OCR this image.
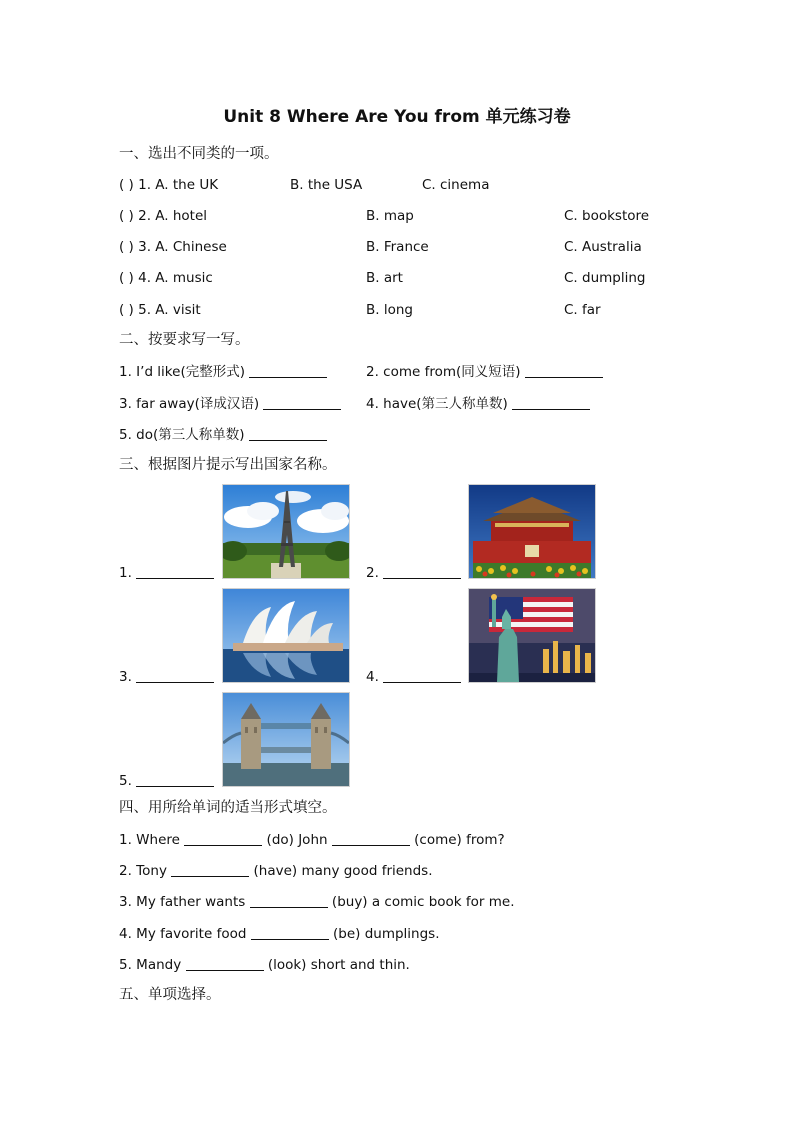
Unit 8 Where Are You from 单元练习卷
一、选出不同类的一项。
( ) 1. A. the UK	B. the USA	C. cinema
( ) 2. A. hotel	B. map	C. bookstore
( ) 3. A. Chinese	B. France	C. Australia
( ) 4. A. music	B. art	C. dumpling
( ) 5. A. visit	B. long	C. far
二、按要求写一写。
1. I’d like(完整形式)	2. come from(同义短语)
3. far away(译成汉语)	4. have(第三人称单数)
5. do(第三人称单数)
三、根据图片提示写出国家名称。
1.	2.
3.	4.
5.
四、用所给单词的适当形式填空。
1. Where	(do) John	(come) from?
2. Tony	(have) many good friends.
3. My father wants	(buy) a comic book for me.
4. My favorite food	(be) dumplings.
5. Mandy	(look) short and thin.
五、单项选择。
